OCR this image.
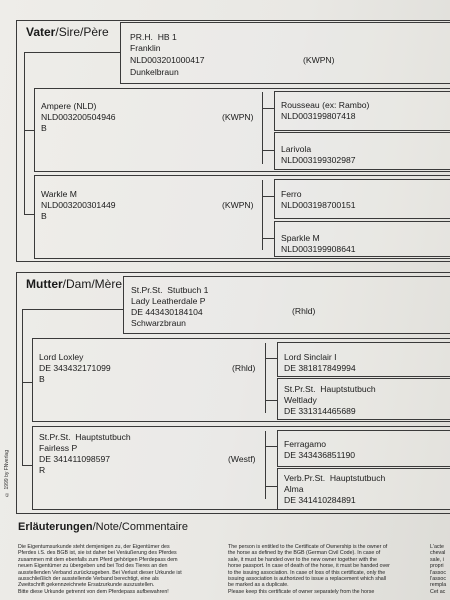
Vater/Sire/Père PR.H.  HB 1
Franklin
NLD003201000417
Dunkelbraun
(KWPN)
Ampere (NLD)
NLD003200504946
B
(KWPN)
Rousseau (ex: Rambo)
NLD003199807418
Larivola
NLD003199302987
Warkle M
NLD003200301449
B
(KWPN)
Ferro
NLD003198700151
Sparkle M
NLD003199908641
Mutter/Dam/Mère St.Pr.St.  Stutbuch 1
Lady Leatherdale P
DE 443430184104
Schwarzbraun
(Rhld)
Lord Loxley
DE 343432171099
B
(Rhld)
Lord Sinclair I
DE 381817849994
St.Pr.St.  Hauptstutbuch
Weltlady
DE 331314465689
St.Pr.St.  Hauptstutbuch
Fairless P
DE 341411098597
R
(Westf)
Ferragamo
DE 343436851190
Verb.Pr.St.  Hauptstutbuch
Alma
DE 341410284891
© 1999 by FNverlag
Erläuterungen/Note/Commentaire
Die Eigentumsurkunde steht demjenigen zu, der Eigentümer des
Pferdes i.S. des BGB ist, sie ist daher bei Veräußerung des Pferdes
zusammen mit dem ebenfalls zum Pferd gehörigen Pferdepass dem
neuen Eigentümer zu übergeben und bei Tod des Tieres an den
ausstellenden Verband zurückzugeben. Bei Verlust dieser Urkunde ist
ausschließlich der ausstellende Verband berechtigt, eine als
Zweitschrift gekennzeichnete Ersatzurkunde auszustellen.
Bitte diese Urkunde getrennt von dem Pferdepass aufbewahren!
The person is entitled to the Certificate of Ownership is the owner of
the horse as defined by the BGB (German Civil Code). In case of
sale, it must be handed over to the new owner together with the
horse passport. In case of death of the horse, it must be handed over
to the issuing association. In case of loss of this certificate, only the
issuing association is authorized to issue a replacement which shall
be marked as a duplicate.
Please keep this certificate of owner separately from the horse
L'acte
cheval
sale, i
propri
l'assoc
l'assoc
rempla
Cet ac
